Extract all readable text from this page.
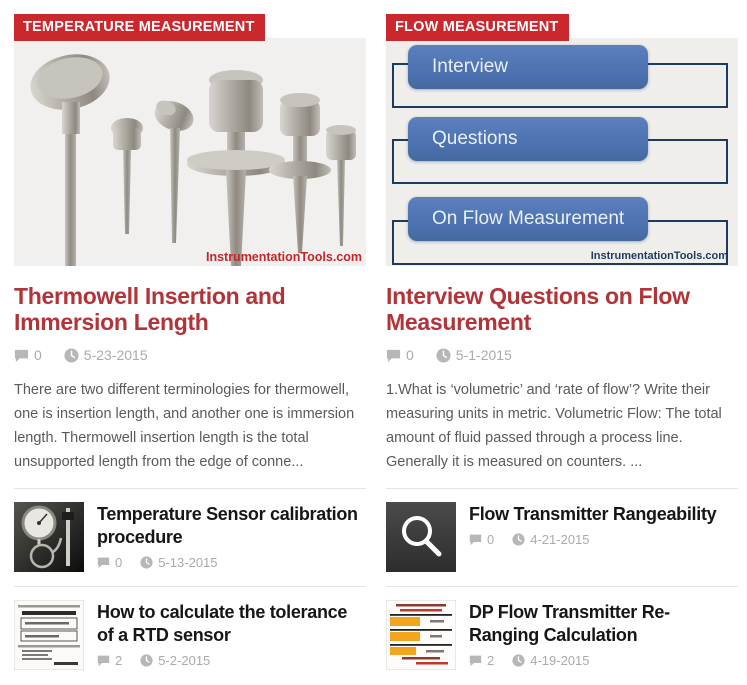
TEMPERATURE MEASUREMENT
InstrumentationTools.com
Thermowell Insertion and Immersion Length
0	5-23-2015

There are two different terminologies for thermowell, one is insertion length, and another one is immersion length. Thermowell insertion length is the total unsupported length from the edge of conne...

Temperature Sensor calibration procedure
0	5-13-2015
How to calculate the tolerance of a RTD sensor
2	5-2-2015
FLOW MEASUREMENT
Interview
Questions
On Flow Measurement
InstrumentationTools.com
Interview Questions on Flow Measurement
0	5-1-2015

1.What is ‘volumetric’ and ‘rate of flow’? Write their measuring units in metric. Volumetric Flow: The total amount of fluid passed through a process line. Generally it is measured on counters. ...

Flow Transmitter Rangeability
0	4-21-2015
DP Flow Transmitter Re-Ranging Calculation
2	4-19-2015
